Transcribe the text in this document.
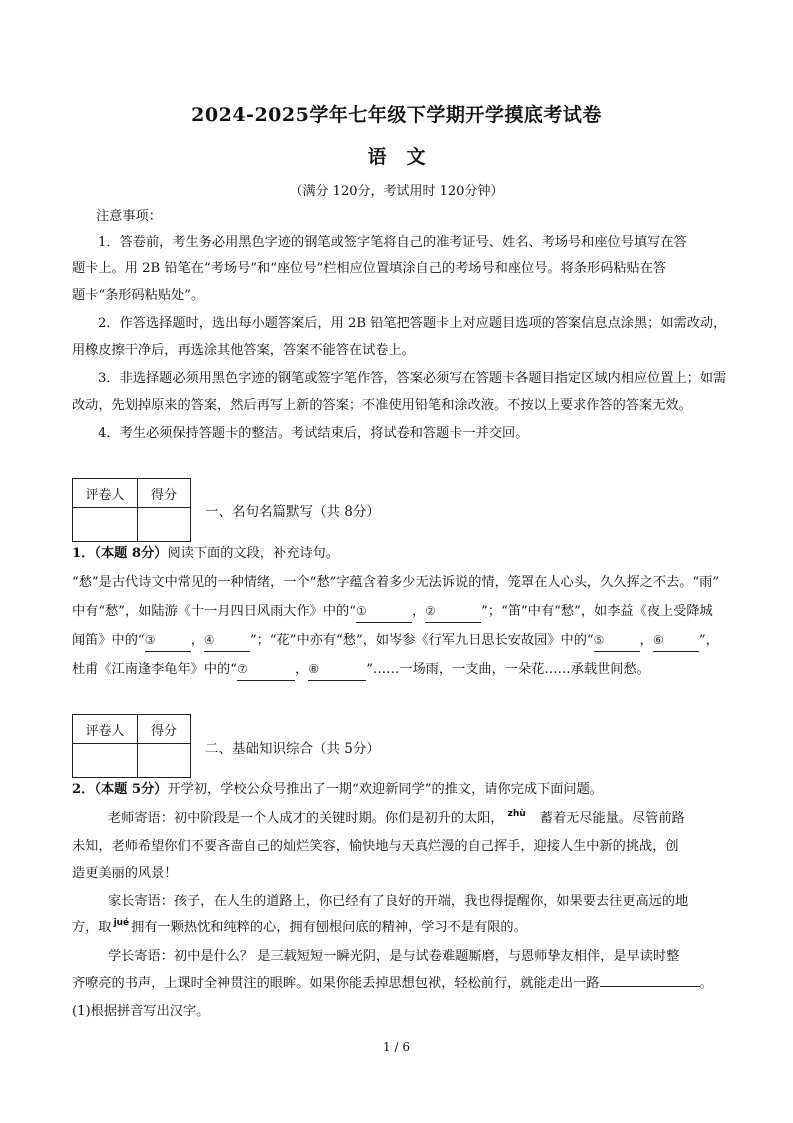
2024-2025学年七年级下学期开学摸底考试卷
语文
（满分 120分，考试用时 120分钟）
注意事项：
1．答卷前，考生务必用黑色字迹的钢笔或签字笔将自己的准考证号、姓名、考场号和座位号填写在答
题卡上。用 2B 铅笔在“考场号”和“座位号”栏相应位置填涂自己的考场号和座位号。将条形码粘贴在答
题卡“条形码粘贴处”。
2．作答选择题时，选出每小题答案后，用 2B 铅笔把答题卡上对应题目选项的答案信息点涂黑；如需改动，
用橡皮擦干净后，再选涂其他答案，答案不能答在试卷上。
3．非选择题必须用黑色字迹的钢笔或签字笔作答，答案必须写在答题卡各题目指定区域内相应位置上；如需
改动，先划掉原来的答案，然后再写上新的答案；不准使用铅笔和涂改液。不按以上要求作答的答案无效。
4．考生必须保持答题卡的整洁。考试结束后，将试卷和答题卡一并交回。
评卷人	得分

一、名句名篇默写（共 8分）
1．（本题 8分）阅读下面的文段，补充诗句。
“愁”是古代诗文中常见的一种情绪，一个“愁”字蕴含着多少无法诉说的情，笼罩在人心头，久久挥之不去。“雨”
中有“愁”，如陆游《十一月四日风雨大作》中的“①	，②	”；“笛”中有“愁”，如李益《夜上受降城
闻笛》中的“③	，④	”；“花”中亦有“愁”，如岑参《行军九日思长安故园》中的“⑤	，⑥	”，
杜甫《江南逢李龟年》中的“⑦	，⑧	”……一场雨，一支曲，一朵花……承载世间愁。
评卷人	得分

二、基础知识综合（共 5分）
2．（本题 5分）开学初，学校公众号推出了一期“欢迎新同学”的推文，请你完成下面问题。
老师寄语：初中阶段是一个人成才的关键时期。你们是初升的太阳， $^{zhù}$ 蓄着无尽能量。尽管前路
未知，老师希望你们不要吝啬自己的灿烂笑容，愉快地与天真烂漫的自己挥手，迎接人生中新的挑战，创
造更美丽的风景！
家长寄语：孩子，在人生的道路上，你已经有了良好的开端，我也得提醒你，如果要去往更高远的地
方，取 $^{jué}$ 拥有一颗热忱和纯粹的心，拥有刨根问底的精神，学习不是有限的。
学长寄语：初中是什么？ 是三载短短一瞬光阴，是与试卷难题厮磨，与恩师挚友相伴，是早读时整
齐嘹亮的书声，上课时全神贯注的眼眸。如果你能丢掉思想包袱，轻松前行，就能走出一路	。
(1)根据拼音写出汉字。
1 / 6
